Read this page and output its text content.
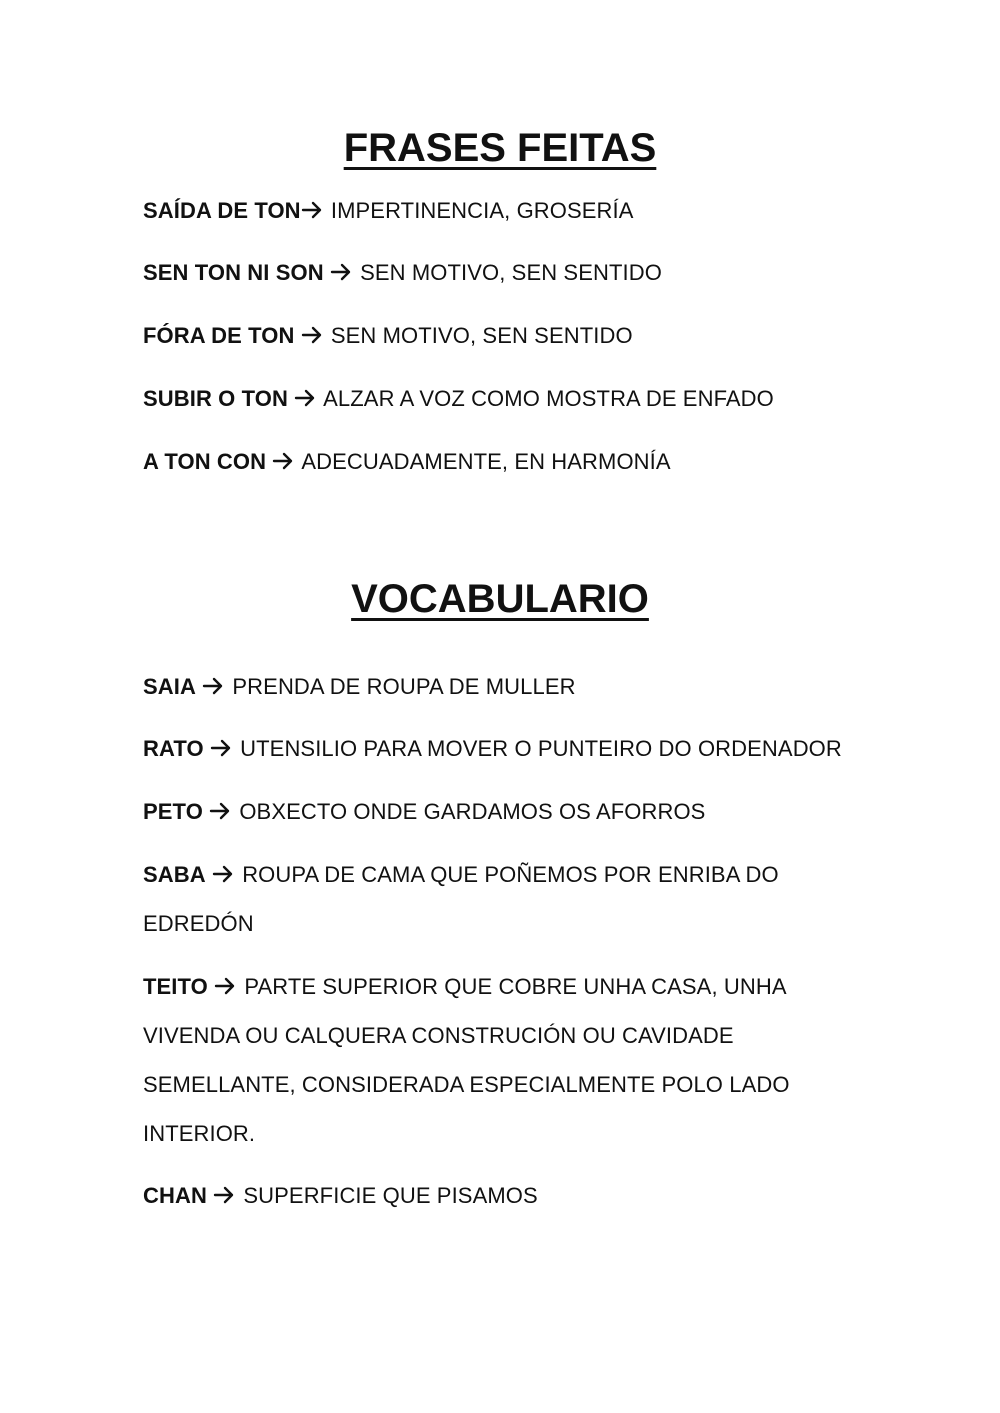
FRASES FEITAS

SAÍDA DE TON IMPERTINENCIA, GROSERÍA

SEN TON NI SON SEN MOTIVO, SEN SENTIDO

FÓRA DE TON SEN MOTIVO, SEN SENTIDO

SUBIR O TON ALZAR A VOZ COMO MOSTRA DE ENFADO

A TON CON ADECUADAMENTE, EN HARMONÍA

VOCABULARIO

SAIA PRENDA DE ROUPA DE MULLER

RATO UTENSILIO PARA MOVER O PUNTEIRO DO ORDENADOR

PETO OBXECTO ONDE GARDAMOS OS AFORROS

SABA ROUPA DE CAMA QUE POÑEMOS POR ENRIBA DO EDREDÓN

TEITO PARTE SUPERIOR QUE COBRE UNHA CASA, UNHA VIVENDA OU CALQUERA CONSTRUCIÓN OU CAVIDADE SEMELLANTE, CONSIDERADA ESPECIALMENTE POLO LADO INTERIOR.

CHAN SUPERFICIE QUE PISAMOS
